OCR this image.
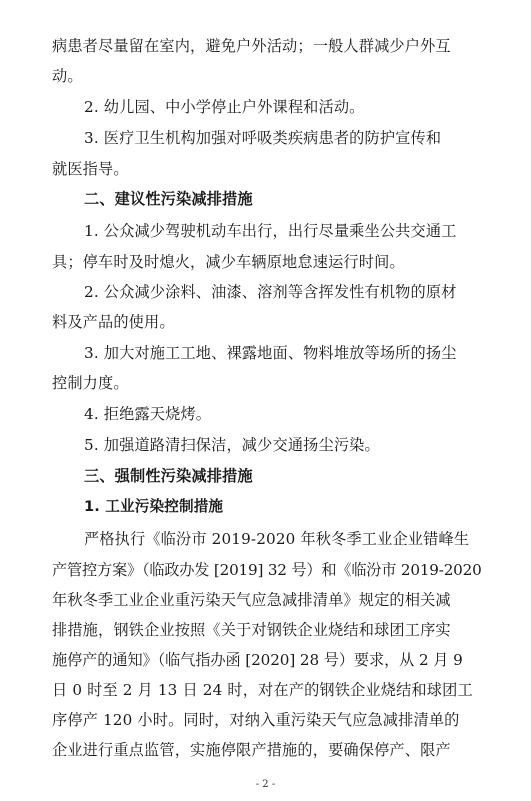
病患者尽量留在室内，避免户外活动；一般人群减少户外互
动。
2. 幼儿园、中小学停止户外课程和活动。
3. 医疗卫生机构加强对呼吸类疾病患者的防护宣传和
就医指导。
二、建议性污染减排措施
1. 公众减少驾驶机动车出行，出行尽量乘坐公共交通工
具；停车时及时熄火，减少车辆原地怠速运行时间。
2. 公众减少涂料、油漆、溶剂等含挥发性有机物的原材
料及产品的使用。
3. 加大对施工工地、裸露地面、物料堆放等场所的扬尘
控制力度。
4. 拒绝露天烧烤。
5. 加强道路清扫保洁，减少交通扬尘污染。
三、强制性污染减排措施
1. 工业污染控制措施
严格执行《临汾市 2019-2020 年秋冬季工业企业错峰生
产管控方案》（临政办发 [2019] 32 号）和《临汾市 2019-2020
年秋冬季工业企业重污染天气应急减排清单》规定的相关减
排措施，钢铁企业按照《关于对钢铁企业烧结和球团工序实
施停产的通知》（临气指办函 [2020] 28 号）要求，从 2 月 9
日 0 时至 2 月 13 日 24 时，对在产的钢铁企业烧结和球团工
序停产 120 小时。同时，对纳入重污染天气应急减排清单的
企业进行重点监管，实施停限产措施的，要确保停产、限产
- 2 -
